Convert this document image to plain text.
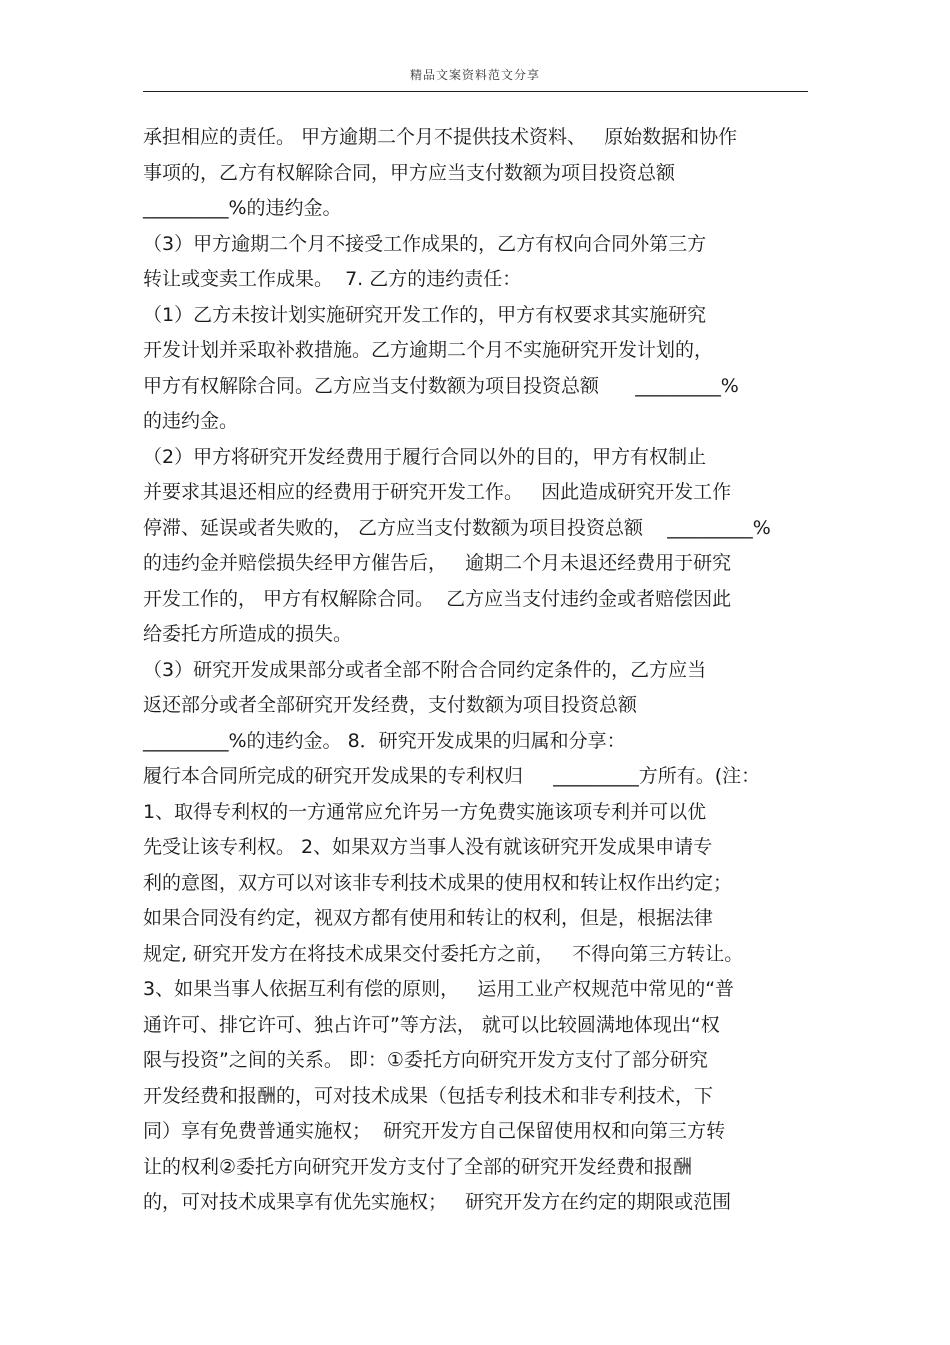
精品文案资料范文分享
承担相应的责任。 甲方逾期二个月不提供技术资料、   原始数据和协作
事项的，乙方有权解除合同，甲方应当支付数额为项目投资总额
_________%的违约金。
（3）甲方逾期二个月不接受工作成果的，乙方有权向合同外第三方
转让或变卖工作成果。  7. 乙方的违约责任：
（1）乙方未按计划实施研究开发工作的，甲方有权要求其实施研究
开发计划并采取补救措施。乙方逾期二个月不实施研究开发计划的，
甲方有权解除合同。乙方应当支付数额为项目投资总额      _________%
的违约金。
（2）甲方将研究开发经费用于履行合同以外的目的，甲方有权制止
并要求其退还相应的经费用于研究开发工作。   因此造成研究开发工作
停滞、延误或者失败的， 乙方应当支付数额为项目投资总额    _________%
的违约金并赔偿损失经甲方催告后，   逾期二个月未退还经费用于研究
开发工作的， 甲方有权解除合同。  乙方应当支付违约金或者赔偿因此
给委托方所造成的损失。
（3）研究开发成果部分或者全部不附合合同约定条件的，乙方应当
返还部分或者全部研究开发经费，支付数额为项目投资总额
_________%的违约金。 8．研究开发成果的归属和分享：
履行本合同所完成的研究开发成果的专利权归     _________方所有。(注：
1、取得专利权的一方通常应允许另一方免费实施该项专利并可以优
先受让该专利权。 2、如果双方当事人没有就该研究开发成果申请专
利的意图，双方可以对该非专利技术成果的使用权和转让权作出约定；
如果合同没有约定，视双方都有使用和转让的权利，但是，根据法律
规定, 研究开发方在将技术成果交付委托方之前，   不得向第三方转让。
3、如果当事人依据互利有偿的原则，   运用工业产权规范中常见的“普
通许可、排它许可、独占许可”等方法， 就可以比较圆满地体现出“权
限与投资”之间的关系。 即：①委托方向研究开发方支付了部分研究
开发经费和报酬的，可对技术成果（包括专利技术和非专利技术，下
同）享有免费普通实施权；  研究开发方自己保留使用权和向第三方转
让的权利②委托方向研究开发方支付了全部的研究开发经费和报酬
的，可对技术成果享有优先实施权；   研究开发方在约定的期限或范围
